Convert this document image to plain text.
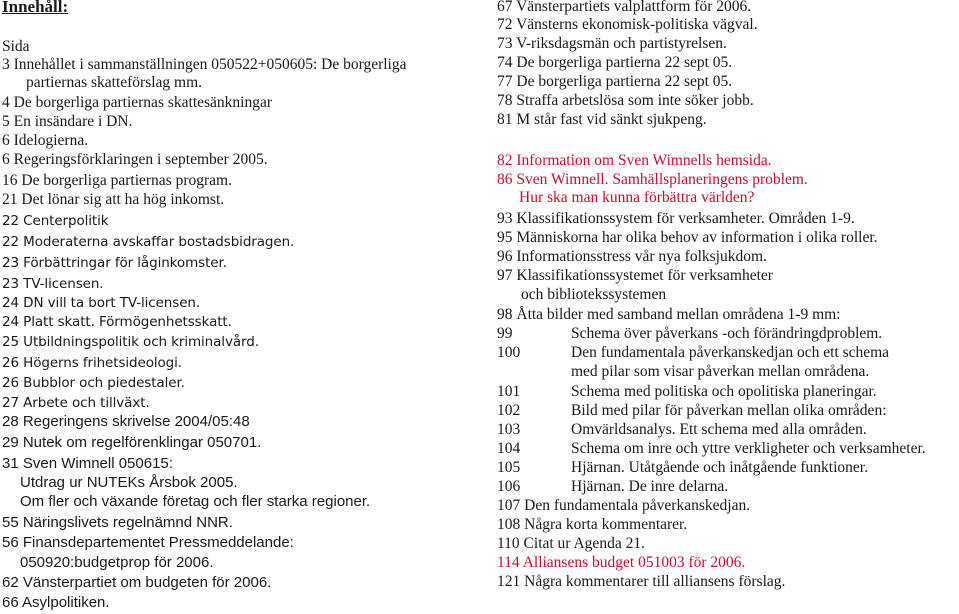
Innehåll:
Sida
3 Innehållet i sammanställningen 050522+050605: De borgerliga
partiernas skatteförslag mm.
4 De borgerliga partiernas skattesänkningar
5 En insändare i DN.
6 Idelogierna.
6 Regeringsförklaringen i september 2005.
16 De borgerliga partiernas program.
21 Det lönar sig att ha hög inkomst.
22 Centerpolitik
22 Moderaterna avskaffar bostadsbidragen.
23 Förbättringar för låginkomster.
23 TV-licensen.
24 DN vill ta bort TV-licensen.
24 Platt skatt. Förmögenhetsskatt.
25 Utbildningspolitik och kriminalvård.
26 Högerns frihetsideologi.
26 Bubblor och piedestaler.
27 Arbete och tillväxt.
28 Regeringens skrivelse 2004/05:48
29 Nutek om regelförenklingar 050701.
31 Sven Wimnell 050615:
Utdrag ur NUTEKs Årsbok 2005.
Om fler och växande företag och fler starka regioner.
55 Näringslivets regelnämnd NNR.
56 Finansdepartementet Pressmeddelande:
050920:budgetprop för 2006.
62 Vänsterpartiet om budgeten för 2006.
66 Asylpolitiken.
67 Vänsterpartiets valplattform för 2006.
72 Vänsterns ekonomisk-politiska vägval.
73 V-riksdagsmän och partistyrelsen.
74 De borgerliga partierna 22 sept 05.
77 De borgerliga partierna 22 sept 05.
78 Straffa arbetslösa som inte söker jobb.
81 M står fast vid sänkt sjukpeng.
82 Information om Sven Wimnells hemsida.
86 Sven Wimnell. Samhällsplaneringens problem.
Hur ska man kunna förbättra världen?
93 Klassifikationssystem för verksamheter. Områden 1-9.
95 Människorna har olika behov av information i olika roller.
96 Informationsstress vår nya folksjukdom.
97 Klassifikationssystemet för verksamheter
och bibliotekssystemen
98 Åtta bilder med samband mellan områdena 1-9 mm:
99	Schema över påverkans -och förändringdproblem.
100	Den fundamentala påverkanskedjan och ett schema
med pilar som visar påverkan mellan områdena.
101	Schema med politiska och opolitiska planeringar.
102	Bild med pilar för påverkan mellan olika områden:
103	Omvärldsanalys. Ett schema med alla områden.
104	Schema om inre och yttre verkligheter och verksamheter.
105	Hjärnan. Utåtgående och inåtgående funktioner.
106	Hjärnan. De inre delarna.
107 Den fundamentala påverkanskedjan.
108 Några korta kommentarer.
110 Citat ur Agenda 21.
114 Alliansens budget 051003 för 2006.
121 Några kommentarer till alliansens förslag.
